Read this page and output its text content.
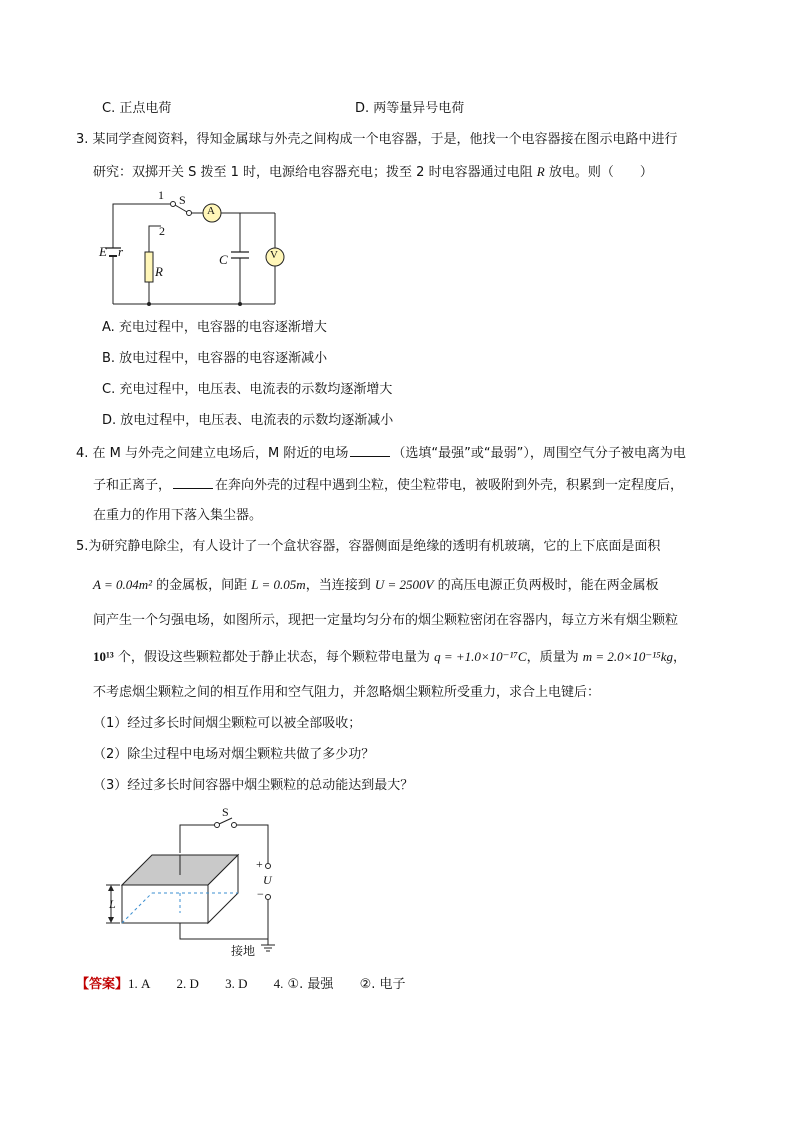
C. 正点电荷	D. 两等量异号电荷
3. 某同学查阅资料，得知金属球与外壳之间构成一个电容器，于是，他找一个电容器接在图示电路中进行
研究：双掷开关 S 拨至 1 时，电源给电容器充电；拨至 2 时电容器通过电阻 R 放电。则（　　）
1 S
A
2
E r
R
C	V
A. 充电过程中，电容器的电容逐渐增大
B. 放电过程中，电容器的电容逐渐减小
C. 充电过程中，电压表、电流表的示数均逐渐增大
D. 放电过程中，电压表、电流表的示数均逐渐减小
4. 在 M 与外壳之间建立电场后，M 附近的电场	（选填“最强”或“最弱”），周围空气分子被电离为电
子和正离子，	在奔向外壳的过程中遇到尘粒，使尘粒带电，被吸附到外壳，积累到一定程度后，
在重力的作用下落入集尘器。
5.为研究静电除尘，有人设计了一个盒状容器，容器侧面是绝缘的透明有机玻璃，它的上下底面是面积
A = 0.04m² 的金属板，间距 L = 0.05m，当连接到 U = 2500V 的高压电源正负两极时，能在两金属板
间产生一个匀强电场，如图所示，现把一定量均匀分布的烟尘颗粒密闭在容器内，每立方米有烟尘颗粒
10¹³ 个，假设这些颗粒都处于静止状态，每个颗粒带电量为 q = +1.0×10⁻¹⁷C，质量为 m = 2.0×10⁻¹⁵kg，
不考虑烟尘颗粒之间的相互作用和空气阻力，并忽略烟尘颗粒所受重力，求合上电键后：
（1）经过多长时间烟尘颗粒可以被全部吸收；
（2）除尘过程中电场对烟尘颗粒共做了多少功？
（3）经过多长时间容器中烟尘颗粒的总动能达到最大？
S
+
U
−
L
接地
【答案】1. A 2. D 3. D 4. ①. 最强 ②. 电子
